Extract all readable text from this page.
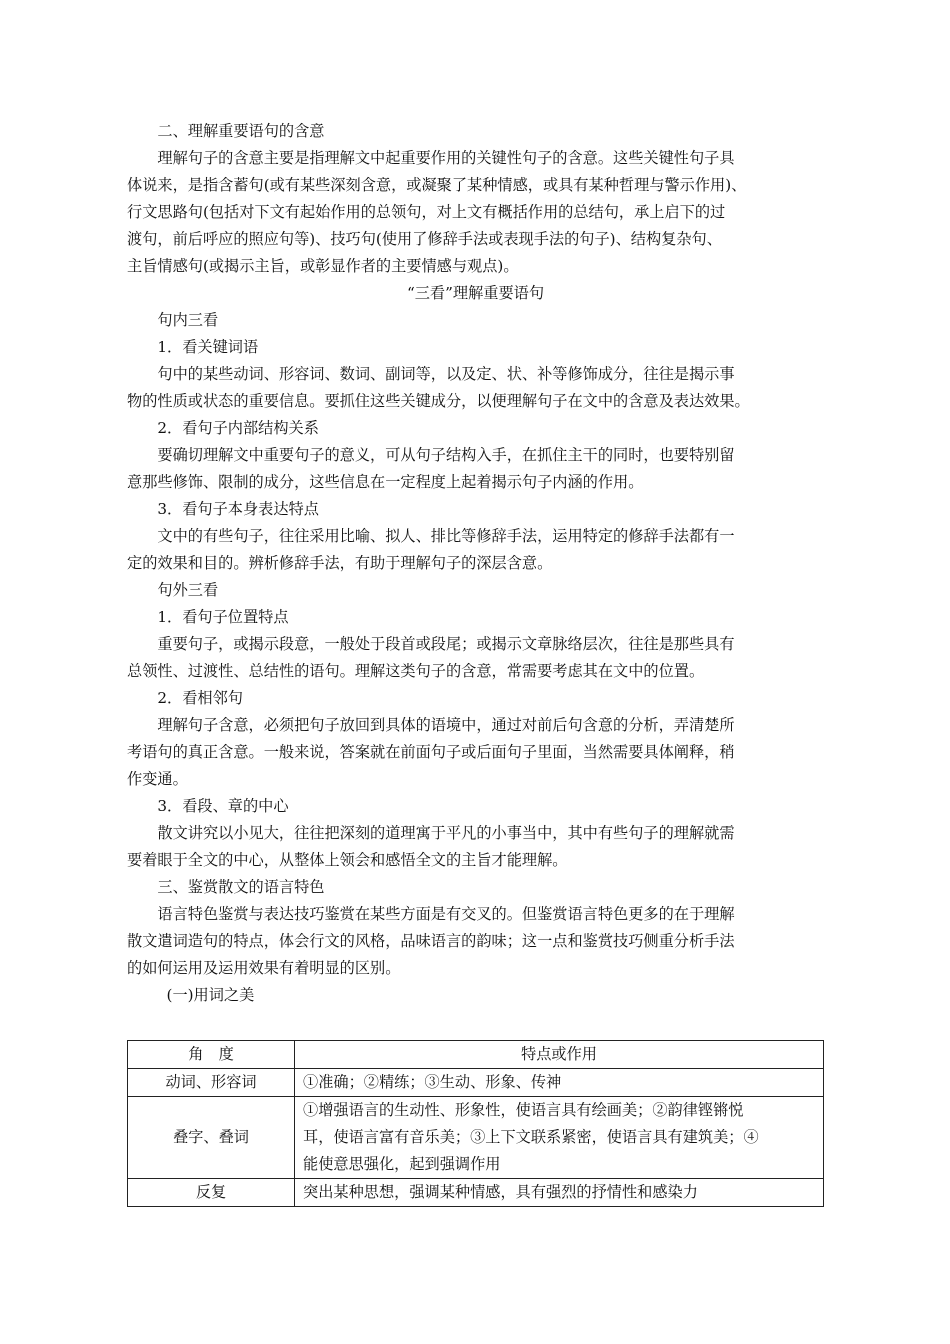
二、理解重要语句的含意
理解句子的含意主要是指理解文中起重要作用的关键性句子的含意。这些关键性句子具
体说来，是指含蓄句(或有某些深刻含意，或凝聚了某种情感，或具有某种哲理与警示作用)、
行文思路句(包括对下文有起始作用的总领句，对上文有概括作用的总结句，承上启下的过
渡句，前后呼应的照应句等)、技巧句(使用了修辞手法或表现手法的句子)、结构复杂句、
主旨情感句(或揭示主旨，或彰显作者的主要情感与观点)。
“三看”理解重要语句
句内三看
1．看关键词语
句中的某些动词、形容词、数词、副词等，以及定、状、补等修饰成分，往往是揭示事
物的性质或状态的重要信息。要抓住这些关键成分，以便理解句子在文中的含意及表达效果。
2．看句子内部结构关系
要确切理解文中重要句子的意义，可从句子结构入手，在抓住主干的同时，也要特别留
意那些修饰、限制的成分，这些信息在一定程度上起着揭示句子内涵的作用。
3．看句子本身表达特点
文中的有些句子，往往采用比喻、拟人、排比等修辞手法，运用特定的修辞手法都有一
定的效果和目的。辨析修辞手法，有助于理解句子的深层含意。
句外三看
1．看句子位置特点
重要句子，或揭示段意，一般处于段首或段尾；或揭示文章脉络层次，往往是那些具有
总领性、过渡性、总结性的语句。理解这类句子的含意，常需要考虑其在文中的位置。
2．看相邻句
理解句子含意，必须把句子放回到具体的语境中，通过对前后句含意的分析，弄清楚所
考语句的真正含意。一般来说，答案就在前面句子或后面句子里面，当然需要具体阐释，稍
作变通。
3．看段、章的中心
散文讲究以小见大，往往把深刻的道理寓于平凡的小事当中，其中有些句子的理解就需
要着眼于全文的中心，从整体上领会和感悟全文的主旨才能理解。
三、鉴赏散文的语言特色
语言特色鉴赏与表达技巧鉴赏在某些方面是有交叉的。但鉴赏语言特色更多的在于理解
散文遣词造句的特点，体会行文的风格，品味语言的韵味；这一点和鉴赏技巧侧重分析手法
的如何运用及运用效果有着明显的区别。
(一)用词之美
角　度	特点或作用
动词、形容词	①准确；②精练；③生动、形象、传神

叠字、叠词	①增强语言的生动性、形象性，使语言具有绘画美；②韵律铿锵悦
耳，使语言富有音乐美；③上下文联系紧密，使语言具有建筑美；④
能使意思强化，起到强调作用

反复	突出某种思想，强调某种情感，具有强烈的抒情性和感染力
